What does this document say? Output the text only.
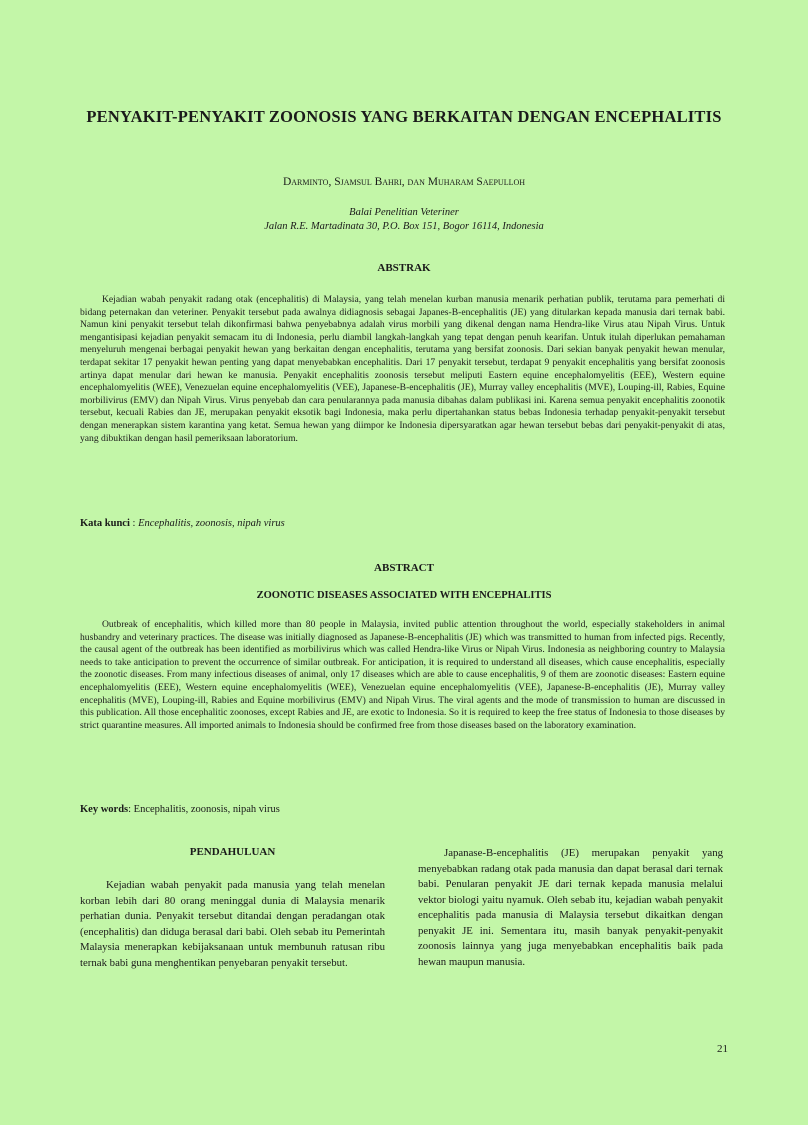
PENYAKIT-PENYAKIT ZOONOSIS YANG BERKAITAN DENGAN ENCEPHALITIS
Darminto, Sjamsul Bahri, dan Muharam Saepulloh
Balai Penelitian Veteriner
Jalan R.E. Martadinata 30, P.O. Box 151, Bogor 16114, Indonesia
ABSTRAK

Kejadian wabah penyakit radang otak (encephalitis) di Malaysia, yang telah menelan kurban manusia menarik perhatian publik, terutama para pemerhati di bidang peternakan dan veteriner. Penyakit tersebut pada awalnya didiagnosis sebagai Japanes-B-encephalitis (JE) yang ditularkan kepada manusia dari ternak babi. Namun kini penyakit tersebut telah dikonfirmasi bahwa penyebabnya adalah virus morbili yang dikenal dengan nama Hendra-like Virus atau Nipah Virus. Untuk mengantisipasi kejadian penyakit semacam itu di Indonesia, perlu diambil langkah-langkah yang tepat dengan penuh kearifan. Untuk itulah diperlukan pemahaman menyeluruh mengenai berbagai penyakit hewan yang berkaitan dengan encephalitis, terutama yang bersifat zoonosis. Dari sekian banyak penyakit hewan menular, terdapat sekitar 17 penyakit hewan penting yang dapat menyebabkan encephalitis. Dari 17 penyakit tersebut, terdapat 9 penyakit encephalitis yang bersifat zoonosis artinya dapat menular dari hewan ke manusia. Penyakit encephalitis zoonosis tersebut meliputi Eastern equine encephalomyelitis (EEE), Western equine encephalomyelitis (WEE), Venezuelan equine encephalomyelitis (VEE), Japanese-B-encephalitis (JE), Murray valley encephalitis (MVE), Louping-ill, Rabies, Equine morbilivirus (EMV) dan Nipah Virus. Virus penyebab dan cara penularannya pada manusia dibahas dalam publikasi ini. Karena semua penyakit encephalitis zoonotik tersebut, kecuali Rabies dan JE, merupakan penyakit eksotik bagi Indonesia, maka perlu dipertahankan status bebas Indonesia terhadap penyakit-penyakit tersebut dengan menerapkan sistem karantina yang ketat. Semua hewan yang diimpor ke Indonesia dipersyaratkan agar hewan tersebut bebas dari penyakit-penyakit di atas, yang dibuktikan dengan hasil pemeriksaan laboratorium.

Kata kunci : Encephalitis, zoonosis, nipah virus
ABSTRACT
ZOONOTIC DISEASES ASSOCIATED WITH ENCEPHALITIS

Outbreak of encephalitis, which killed more than 80 people in Malaysia, invited public attention throughout the world, especially stakeholders in animal husbandry and veterinary practices. The disease was initially diagnosed as Japanese-B-encephalitis (JE) which was transmitted to human from infected pigs. Recently, the causal agent of the outbreak has been identified as morbilivirus which was called Hendra-like Virus or Nipah Virus. Indonesia as neighboring country to Malaysia needs to take anticipation to prevent the occurrence of similar outbreak. For anticipation, it is required to understand all diseases, which cause encephalitis, especially the zoonotic diseases. From many infectious diseases of animal, only 17 diseases which are able to cause encephalitis, 9 of them are zoonotic diseases: Eastern equine encephalomyelitis (EEE), Western equine encephalomyelitis (WEE), Venezuelan equine encephalomyelitis (VEE), Japanese-B-encephalitis (JE), Murray valley encephalitis (MVE), Louping-ill, Rabies and Equine morbilivirus (EMV) and Nipah Virus. The viral agents and the mode of transmission to human are discussed in this publication. All those encephalitic zoonoses, except Rabies and JE, are exotic to Indonesia. So it is required to keep the free status of Indonesia to those diseases by strict quarantine measures. All imported animals to Indonesia should be confirmed free from those diseases based on the laboratory examination.

Key words: Encephalitis, zoonosis, nipah virus
PENDAHULUAN

Kejadian wabah penyakit pada manusia yang telah menelan korban lebih dari 80 orang meninggal dunia di Malaysia menarik perhatian dunia. Penyakit tersebut ditandai dengan peradangan otak (encephalitis) dan diduga berasal dari babi. Oleh sebab itu Pemerintah Malaysia menerapkan kebijaksanaan untuk membunuh ratusan ribu ternak babi guna menghentikan penyebaran penyakit tersebut.

Japanase-B-encephalitis (JE) merupakan penyakit yang menyebabkan radang otak pada manusia dan dapat berasal dari ternak babi. Penularan penyakit JE dari ternak kepada manusia melalui vektor biologi yaitu nyamuk. Oleh sebab itu, kejadian wabah penyakit encephalitis pada manusia di Malaysia tersebut dikaitkan dengan penyakit JE ini. Sementara itu, masih banyak penyakit-penyakit zoonosis lainnya yang juga menyebabkan encephalitis baik pada hewan maupun manusia.

21
